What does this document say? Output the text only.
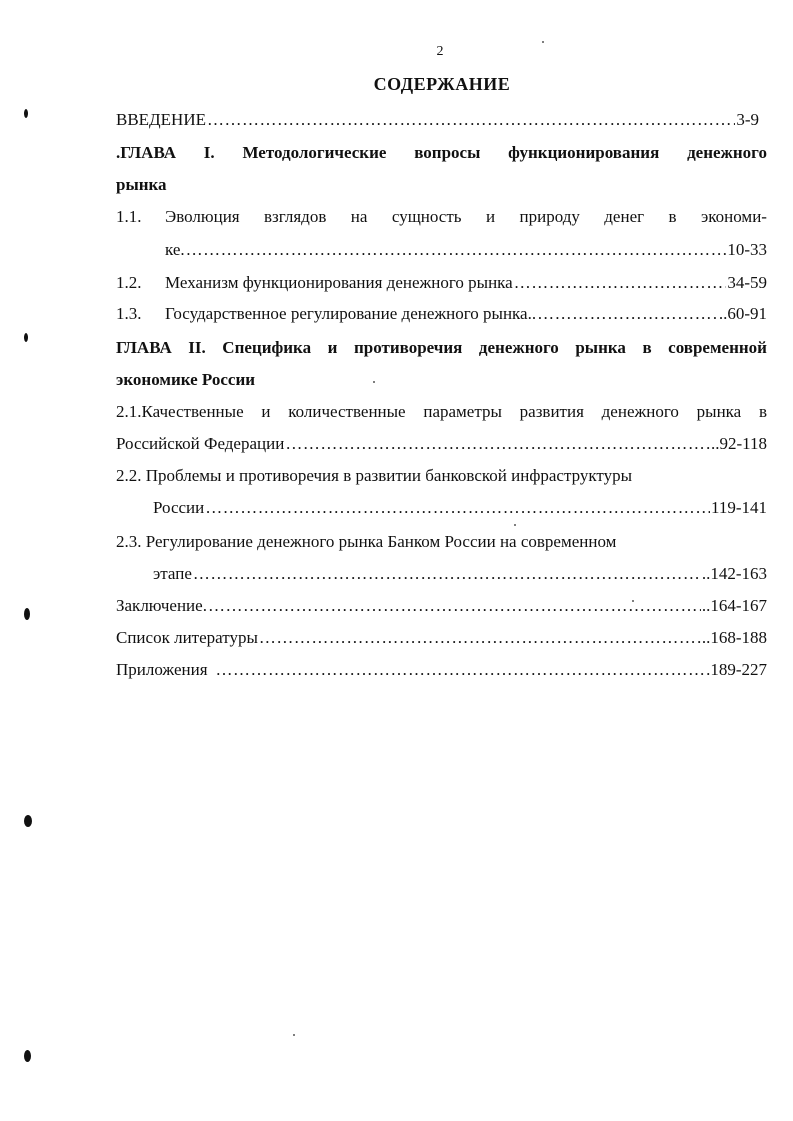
2
СОДЕРЖАНИЕ
ВВЕДЕНИЕ ……………………………………………………………………………………………………………………………………………………………………………………	3-9
.ГЛАВА I. Методологические вопросы функционирования денежного
рынка
1.1. Эволюция взглядов на сущность и природу денег в экономи-
ке. ……………………………………………………………………………………………………………………………………………………………………………………	10-33
1.2.	Механизм функционирования денежного рынка ……………………………………………………………………………………………………………………………………………………………………………………	34-59
1.3.	Государственное регулирование денежного рынка.. ……………………………………………………………………………………………………………………………………………………………………………………	..60-91
ГЛАВА II. Специфика и противоречия денежного рынка в современной
экономике России
2.1.Качественные и количественные параметры развития денежного рынка в
Российской Федерации ……………………………………………………………………………………………………………………………………………………………………………………	..92-118
2.2. Проблемы и противоречия в развитии банковской инфраструктуры
России ……………………………………………………………………………………………………………………………………………………………………………………	119-141
2.3. Регулирование денежного рынка Банком России на современном
этапе ……………………………………………………………………………………………………………………………………………………………………………………	..142-163
Заключение. ……………………………………………………………………………………………………………………………………………………………………………………	..164-167
Список литературы ……………………………………………………………………………………………………………………………………………………………………………………	..168-188
Приложения ……………………………………………………………………………………………………………………………………………………………………………………	.189-227
